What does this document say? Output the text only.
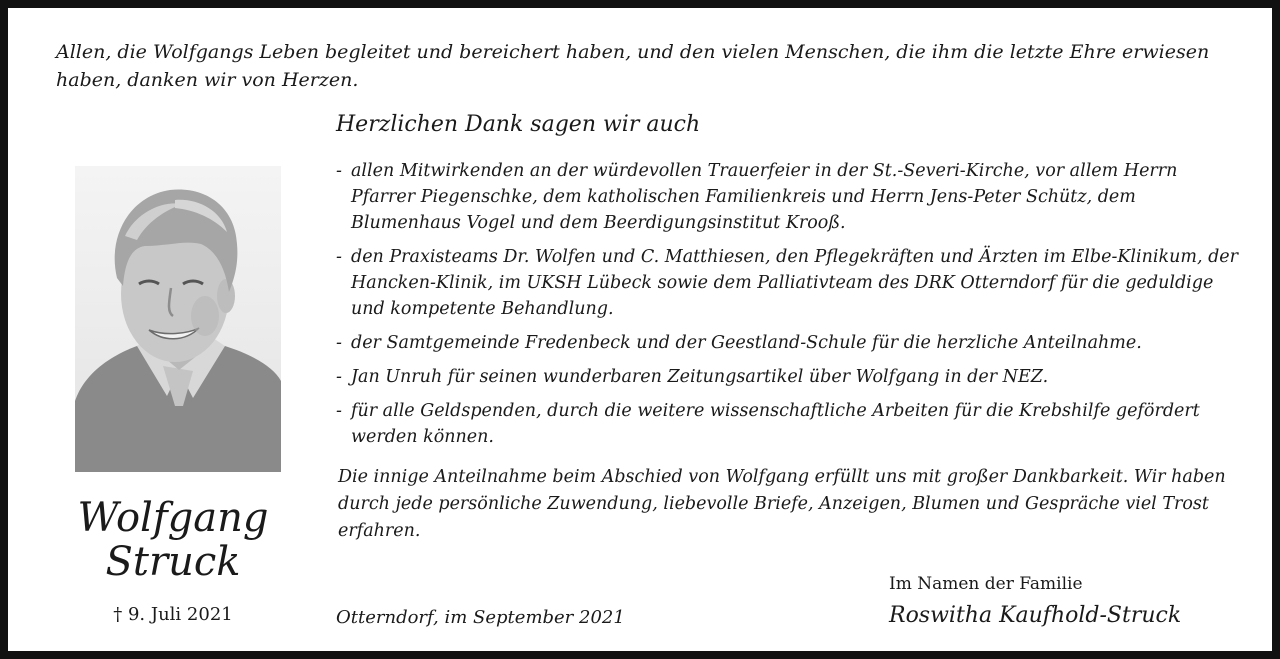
Allen, die Wolfgangs Leben begleitet und bereichert haben, und den vielen Menschen, die ihm die letzte Ehre erwiesen haben, danken wir von Herzen.

Herzlichen Dank sagen wir auch

- allen Mitwirkenden an der würdevollen Trauerfeier in der St.-Severi-Kirche, vor allem Herrn Pfarrer Piegenschke, dem katholischen Familienkreis und Herrn Jens-Peter Schütz, dem Blumenhaus Vogel und dem Beerdigungsinstitut Krooß.
- den Praxisteams Dr. Wolfen und C. Matthiesen, den Pflegekräften und Ärzten im Elbe-Klinikum, der Hancken-Klinik, im UKSH Lübeck sowie dem Palliativteam des DRK Otterndorf für die geduldige und kompetente Behandlung.
- der Samtgemeinde Fredenbeck und der Geestland-Schule für die herzliche Anteilnahme.
- Jan Unruh für seinen wunderbaren Zeitungsartikel über Wolfgang in der NEZ.
- für alle Geldspenden, durch die weitere wissenschaftliche Arbeiten für die Krebshilfe gefördert werden können.

Die innige Anteilnahme beim Abschied von Wolfgang erfüllt uns mit großer Dankbarkeit. Wir haben durch jede persönliche Zuwendung, liebevolle Briefe, Anzeigen, Blumen und Gespräche viel Trost erfahren.

Wolfgang
Struck
† 9. Juli 2021	Otterndorf, im September 2021
Im Namen der Familie
Roswitha Kaufhold-Struck
